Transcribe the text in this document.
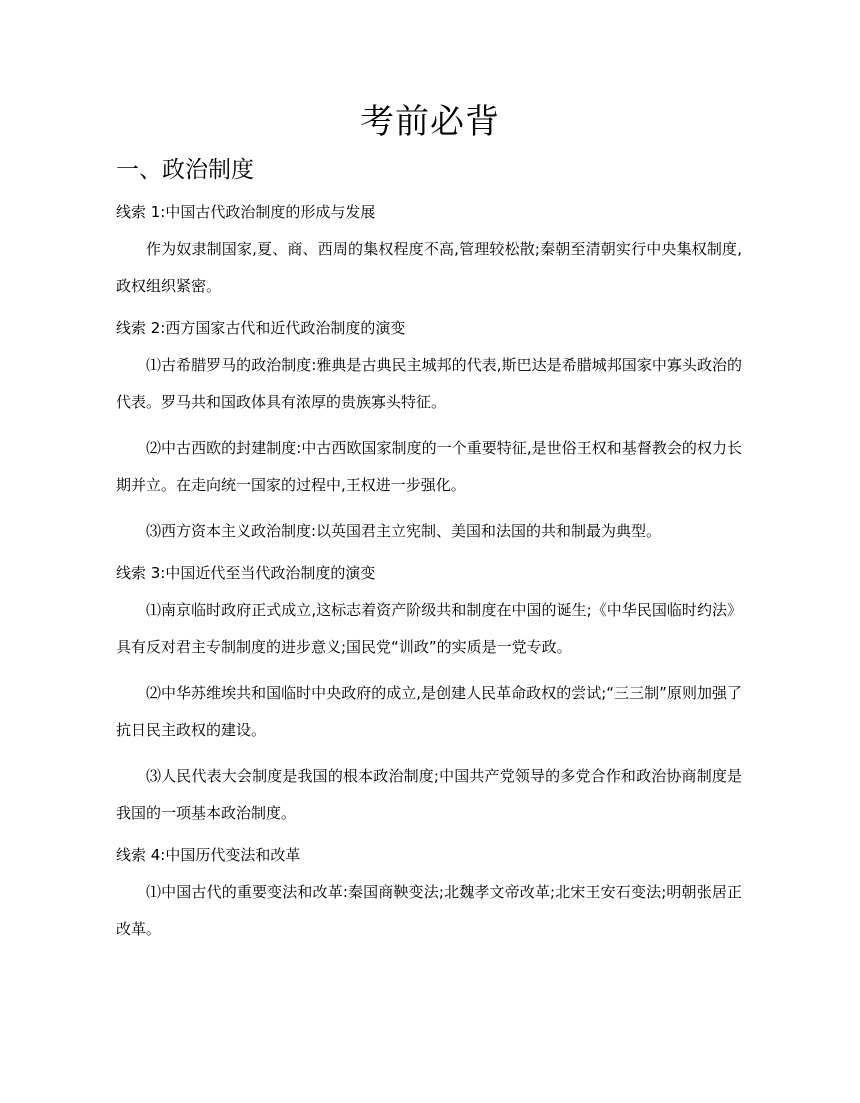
考前必背
一、政治制度

线索 1:中国古代政治制度的形成与发展

作为奴隶制国家,夏、商、西周的集权程度不高,管理较松散;秦朝至清朝实行中央集权制度,政权组织紧密。

线索 2:西方国家古代和近代政治制度的演变

⑴古希腊罗马的政治制度:雅典是古典民主城邦的代表,斯巴达是希腊城邦国家中寡头政治的代表。罗马共和国政体具有浓厚的贵族寡头特征。

⑵中古西欧的封建制度:中古西欧国家制度的一个重要特征,是世俗王权和基督教会的权力长期并立。在走向统一国家的过程中,王权进一步强化。

⑶西方资本主义政治制度:以英国君主立宪制、美国和法国的共和制最为典型。

线索 3:中国近代至当代政治制度的演变

⑴南京临时政府正式成立,这标志着资产阶级共和制度在中国的诞生;《中华民国临时约法》具有反对君主专制制度的进步意义;国民党“训政”的实质是一党专政。

⑵中华苏维埃共和国临时中央政府的成立,是创建人民革命政权的尝试;“三三制”原则加强了抗日民主政权的建设。

⑶人民代表大会制度是我国的根本政治制度;中国共产党领导的多党合作和政治协商制度是我国的一项基本政治制度。

线索 4:中国历代变法和改革

⑴中国古代的重要变法和改革:秦国商鞅变法;北魏孝文帝改革;北宋王安石变法;明朝张居正改革。
